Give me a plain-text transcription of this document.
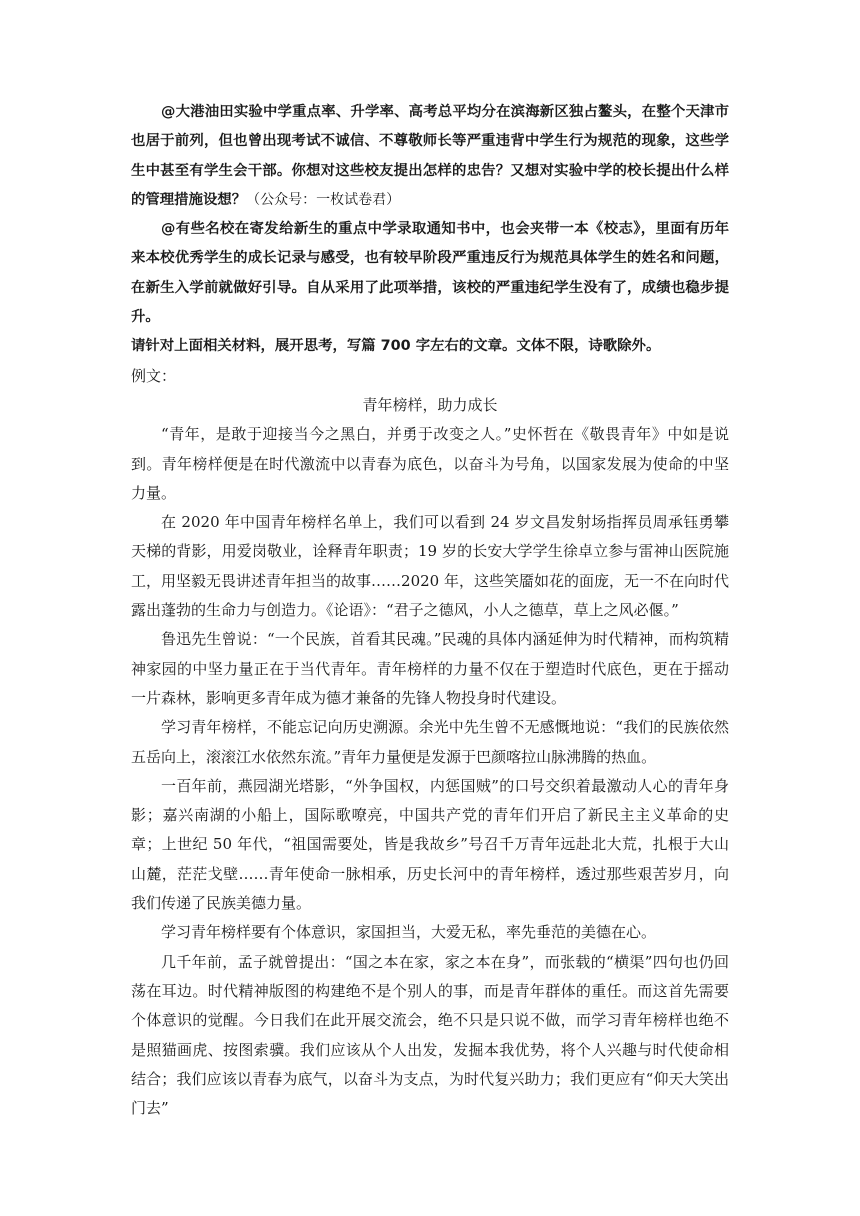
@大港油田实验中学重点率、升学率、高考总平均分在滨海新区独占鳌头，在整个天津市也居于前列，但也曾出现考试不诚信、不尊敬师长等严重违背中学生行为规范的现象，这些学生中甚至有学生会干部。你想对这些校友提出怎样的忠告？又想对实验中学的校长提出什么样的管理措施设想？（公众号：一枚试卷君）

@有些名校在寄发给新生的重点中学录取通知书中，也会夹带一本《校志》，里面有历年来本校优秀学生的成长记录与感受，也有较早阶段严重违反行为规范具体学生的姓名和问题，在新生入学前就做好引导。自从采用了此项举措，该校的严重违纪学生没有了，成绩也稳步提升。

请针对上面相关材料，展开思考，写篇 700 字左右的文章。文体不限，诗歌除外。

例文：

青年榜样，助力成长

“青年，是敢于迎接当今之黑白，并勇于改变之人。”史怀哲在《敬畏青年》中如是说到。青年榜样便是在时代激流中以青春为底色，以奋斗为号角，以国家发展为使命的中坚力量。

在 2020 年中国青年榜样名单上，我们可以看到 24 岁文昌发射场指挥员周承钰勇攀天梯的背影，用爱岗敬业，诠释青年职责；19 岁的长安大学学生徐卓立参与雷神山医院施工，用坚毅无畏讲述青年担当的故事……2020 年，这些笑靥如花的面庞，无一不在向时代露出蓬勃的生命力与创造力。《论语》：“君子之德风，小人之德草，草上之风必偃。”

鲁迅先生曾说：“一个民族，首看其民魂。”民魂的具体内涵延伸为时代精神，而构筑精神家园的中坚力量正在于当代青年。青年榜样的力量不仅在于塑造时代底色，更在于摇动一片森林，影响更多青年成为德才兼备的先锋人物投身时代建设。

学习青年榜样，不能忘记向历史溯源。余光中先生曾不无感慨地说：“我们的民族依然五岳向上，滚滚江水依然东流。”青年力量便是发源于巴颜喀拉山脉沸腾的热血。

一百年前，燕园湖光塔影，“外争国权，内惩国贼”的口号交织着最激动人心的青年身影；嘉兴南湖的小船上，国际歌嘹亮，中国共产党的青年们开启了新民主主义革命的史章；上世纪 50 年代，“祖国需要处，皆是我故乡”号召千万青年远赴北大荒，扎根于大山山麓，茫茫戈壁……青年使命一脉相承，历史长河中的青年榜样，透过那些艰苦岁月，向我们传递了民族美德力量。

学习青年榜样要有个体意识，家国担当，大爱无私，率先垂范的美德在心。

几千年前，孟子就曾提出：“国之本在家，家之本在身”，而张载的“横渠”四句也仍回荡在耳边。时代精神版图的构建绝不是个别人的事，而是青年群体的重任。而这首先需要个体意识的觉醒。今日我们在此开展交流会，绝不只是只说不做，而学习青年榜样也绝不是照猫画虎、按图索骥。我们应该从个人出发，发掘本我优势，将个人兴趣与时代使命相结合；我们应该以青春为底气，以奋斗为支点，为时代复兴助力；我们更应有“仰天大笑出门去”
